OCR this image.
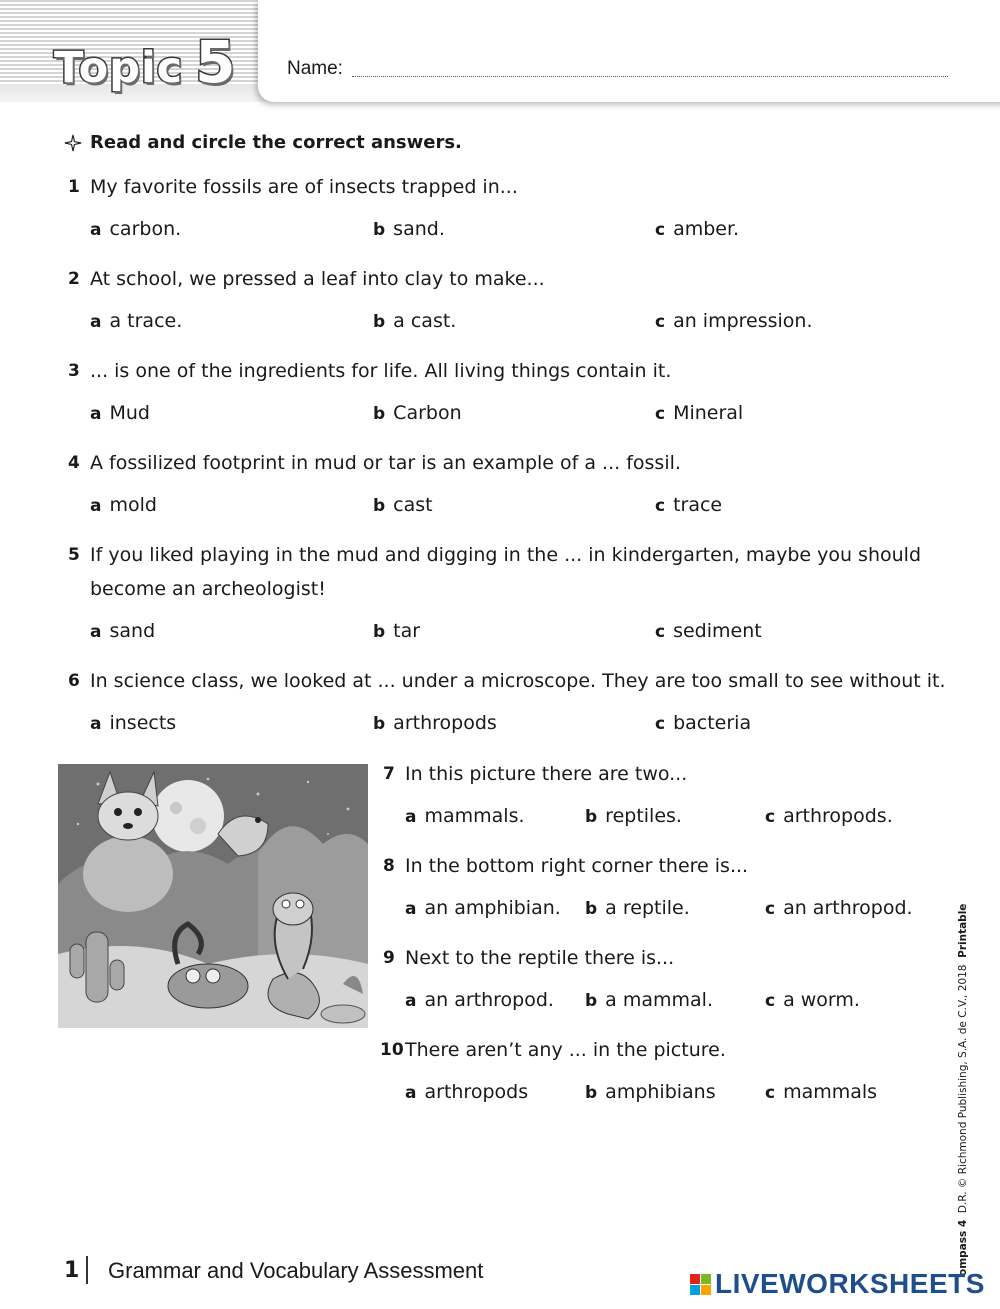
Topic 5	Name:
Read and circle the correct answers.
1 My favorite fossils are of insects trapped in...
a carbon.	b sand.	c amber.
2 At school, we pressed a leaf into clay to make...
a a trace.	b a cast.	c an impression.
3 ... is one of the ingredients for life. All living things contain it.
a Mud	b Carbon	c Mineral
4 A fossilized footprint in mud or tar is an example of a ... fossil.
a mold	b cast	c trace
5 If you liked playing in the mud and digging in the ... in kindergarten, maybe you should
become an archeologist!
a sand	b tar	c sediment
6 In science class, we looked at ... under a microscope. They are too small to see without it.
a insects	b arthropods	c bacteria
7 In this picture there are two...
a mammals.	b reptiles.	c arthropods.
8 In the bottom right corner there is...
a an amphibian. b a reptile.	c an arthropod.
9 Next to the reptile there is...
a an arthropod. b a mammal.	c a worm.
10 There aren’t any ... in the picture.
a arthropods	b amphibians	c mammals
ompass 4  D.R. © Richmond Publishing, S.A. de C.V., 2018  Printable
1 Grammar and Vocabulary Assessment	LIVEWORKSHEETS
